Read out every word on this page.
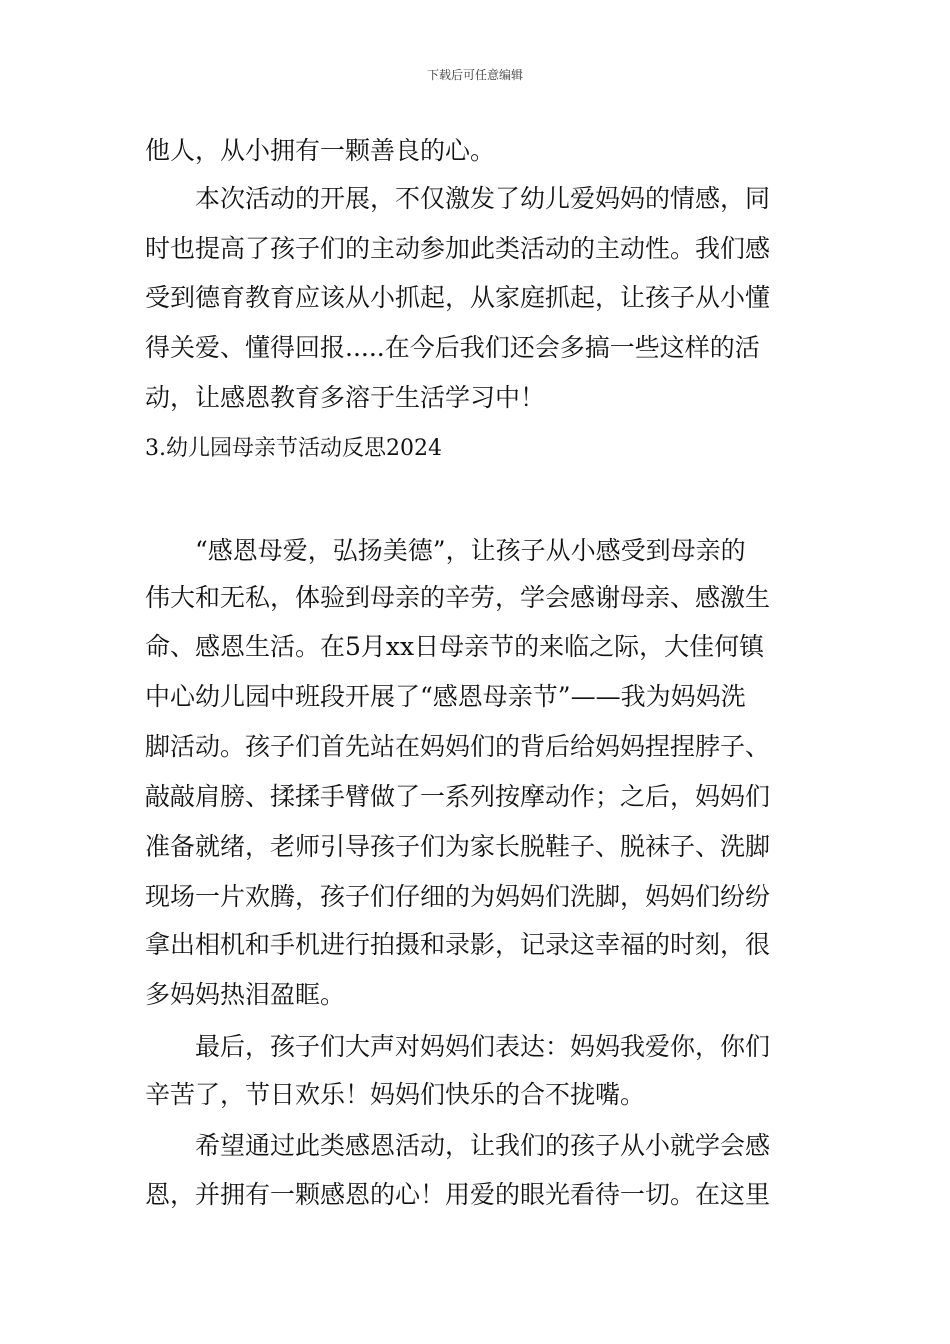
下载后可任意编辑
他人，从小拥有一颗善良的心。
　　本次活动的开展，不仅激发了幼儿爱妈妈的情感，同
时也提高了孩子们的主动参加此类活动的主动性。我们感
受到德育教育应该从小抓起，从家庭抓起，让孩子从小懂
得关爱、懂得回报.....在今后我们还会多搞一些这样的活
动，让感恩教育多溶于生活学习中！
3.幼儿园母亲节活动反思2024
　　“感恩母爱，弘扬美德”，让孩子从小感受到母亲的
伟大和无私，体验到母亲的辛劳，学会感谢母亲、感激生
命、感恩生活。在5月xx日母亲节的来临之际，大佳何镇
中心幼儿园中班段开展了“感恩母亲节”——我为妈妈洗
脚活动。孩子们首先站在妈妈们的背后给妈妈捏捏脖子、
敲敲肩膀、揉揉手臂做了一系列按摩动作；之后，妈妈们
准备就绪，老师引导孩子们为家长脱鞋子、脱袜子、洗脚
现场一片欢腾，孩子们仔细的为妈妈们洗脚，妈妈们纷纷
拿出相机和手机进行拍摄和录影，记录这幸福的时刻，很
多妈妈热泪盈眶。
　　最后，孩子们大声对妈妈们表达：妈妈我爱你，你们
辛苦了，节日欢乐！妈妈们快乐的合不拢嘴。
　　希望通过此类感恩活动，让我们的孩子从小就学会感
恩，并拥有一颗感恩的心！用爱的眼光看待一切。在这里
